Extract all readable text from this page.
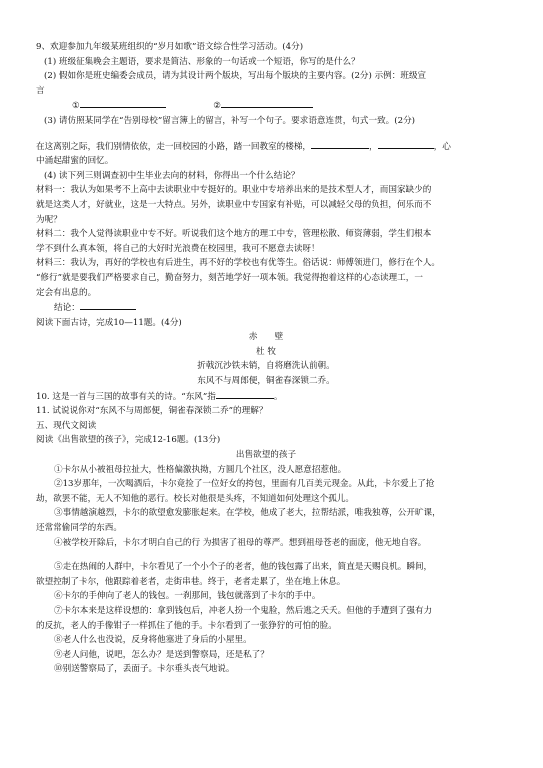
9、欢迎参加九年级某班组织的“岁月如歌”语文综合性学习活动。(4分)
(1) 班级征集晚会主题语，要求是简洁、形象的一句话或一个短语，你写的是什么？
(2) 假如你是班史编委会成员，请为其设计两个版块，写出每个版块的主要内容。(2分) 示例：班级宣
言
①	②
(3) 请仿照某同学在“告别母校”留言簿上的留言，补写一个句子。要求语意连贯，句式一致。(2分)
在这离别之际，我们别情依依，走一回校园的小路，踏一回教室的楼梯，	，	，心
中涌起甜蜜的回忆。
(4) 读下列三则调查初中生毕业去向的材料，你得出一个什么结论？
材料一：我认为如果考不上高中去读职业中专挺好的。职业中专培养出来的是技术型人才，而国家缺少的
就是这类人才，好就业，这是一大特点。另外，读职业中专国家有补贴，可以减轻父母的负担，何乐而不
为呢？
材料二：我个人觉得读职业中专不好。听说我们这个地方的理工中专，管理松散、师资薄弱，学生们根本
学不到什么真本领，将自己的大好时光浪费在校园里，我可不愿意去读呀！
材料三：我认为，再好的学校也有后进生，再不好的学校也有优等生。俗话说：师傅领进门，修行在个人。
“修行”就是要我们严格要求自己，勤奋努力，刻苦地学好一项本领。我觉得抱着这样的心态读理工，一
定会有出息的。
结论：
阅读下面古诗，完成10—11题。(4分)
赤　　壁
杜 牧
折戟沉沙铁未销，自将磨洗认前朝。
东风不与周郎便，铜雀春深锁二乔。
10. 这是一首与三国的故事有关的诗。“东风”指	。
11. 试说说你对“东风不与周郎便，铜雀春深锁二乔”的理解？
五、现代文阅读
阅读《出售欲望的孩子》，完成12-16题。(13分)
出售欲望的孩子
①卡尔从小被祖母拉扯大，性格偏激执拗，方圆几个社区，没人愿意招惹他。
②13岁那年，一次喝酒后，卡尔竟捡了一位好女的挎包，里面有几百美元现金。从此，卡尔爱上了抢
劫，欲罢不能，无人不知他的恶行。校长对他很是头疼，不知道如何处理这个孤儿。
③事情越演越烈，卡尔的欲望愈发膨胀起来。在学校，他成了老大，拉帮结派，唯我独尊，公开旷课，
还常常偷同学的东西。
④被学校开除后，卡尔才明白自己的行 为损害了祖母的尊严。想到祖母苍老的面庞，他无地自容。
⑤走在热闹的人群中，卡尔看见了一个小个子的老者，他的钱包露了出来，简直是天赐良机。瞬间，
欲望控制了卡尔，他跟踪着老者，走街串巷。终于，老者走累了，坐在地上休息。
⑥卡尔的手伸向了老人的钱包。一刹那间，钱包就落到了卡尔的手中。
⑦卡尔本来是这样设想的：拿到钱包后，冲老人扮一个鬼脸，然后逃之夭夭。但他的手遭到了强有力
的反抗，老人的手像钳子一样抓住了他的手。卡尔看到了一张狰狞的可怕的脸。
⑧老人什么也没说，反身将他塞进了身后的小屋里。
⑨老人问他，说吧，怎么办？是送到警察局，还是私了？
⑩别送警察局了，丢面子。卡尔垂头丧气地说。
